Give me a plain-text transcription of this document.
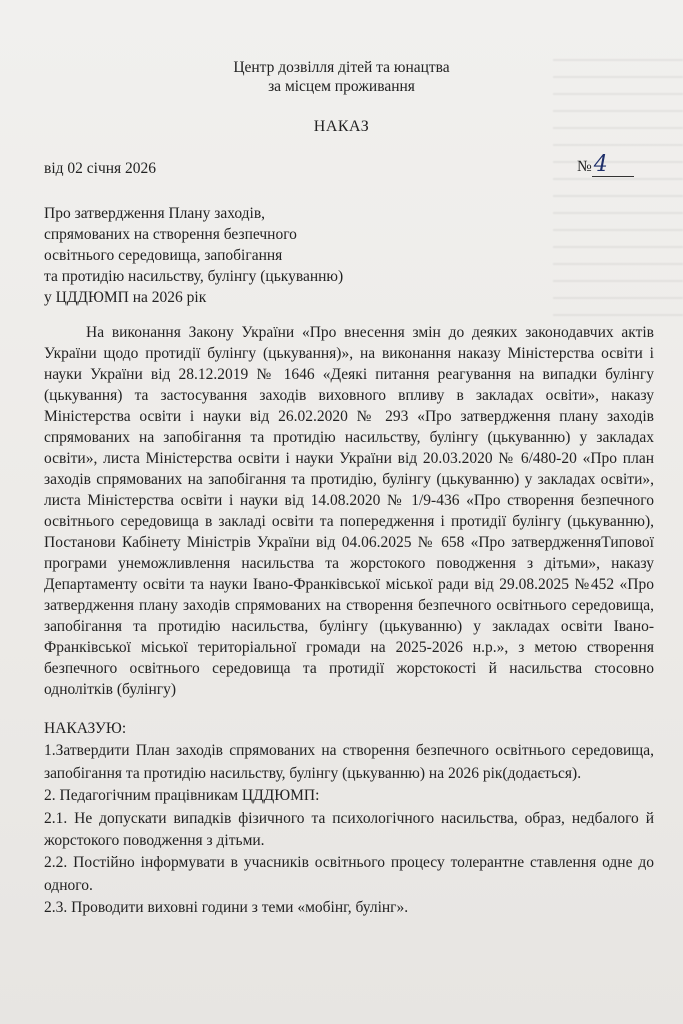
Центр дозвілля дітей та юнацтва
за місцем проживання
НАКАЗ
від 02 січня 2026	№4
Про затвердження Плану заходів,
спрямованих на створення безпечного
освітнього середовища, запобігання
та протидію насильству, булінгу (цькуванню)
у ЦДДЮМП на 2026 рік
На виконання Закону України «Про внесення змін до деяких законодавчих актів України щодо протидії булінгу (цькування)», на виконання наказу Міністерства освіти і науки України від 28.12.2019 № 1646 «Деякі питання реагування на випадки булінгу (цькування) та застосування заходів виховного впливу в закладах освіти», наказу Міністерства освіти і науки від 26.02.2020 № 293 «Про затвердження плану заходів спрямованих на запобігання та протидію насильству, булінгу (цькуванню) у закладах освіти», листа Міністерства освіти і науки України від 20.03.2020 № 6/480-20 «Про план заходів спрямованих на запобігання та протидію, булінгу (цькуванню) у закладах освіти», листа Міністерства освіти і науки від 14.08.2020 № 1/9-436 «Про створення безпечного освітнього середовища в закладі освіти та попередження і протидії булінгу (цькуванню), Постанови Кабінету Міністрів України від 04.06.2025 № 658 «Про затвердженняТипової програми унеможливлення насильства та жорстокого поводження з дітьми», наказу Департаменту освіти та науки Івано-Франківської міської ради від 29.08.2025 №452 «Про затвердження плану заходів спрямованих на створення безпечного освітнього середовища, запобігання та протидію насильства, булінгу (цькуванню) у закладах освіти Івано-Франківської міської територіальної громади на 2025-2026 н.р.», з метою створення безпечного освітнього середовища та протидії жорстокості й насильства стосовно однолітків (булінгу)

НАКАЗУЮ:

1.Затвердити План заходів спрямованих на створення безпечного освітнього середовища, запобігання та протидію насильству, булінгу (цькуванню) на 2026 рік(додається).

2. Педагогічним працівникам ЦДДЮМП:

2.1. Не допускати випадків фізичного та психологічного насильства, образ, недбалого й жорстокого поводження з дітьми.

2.2. Постійно інформувати в учасників освітнього процесу толерантне ставлення одне до одного.

2.3. Проводити виховні години з теми «мобінг, булінг».
